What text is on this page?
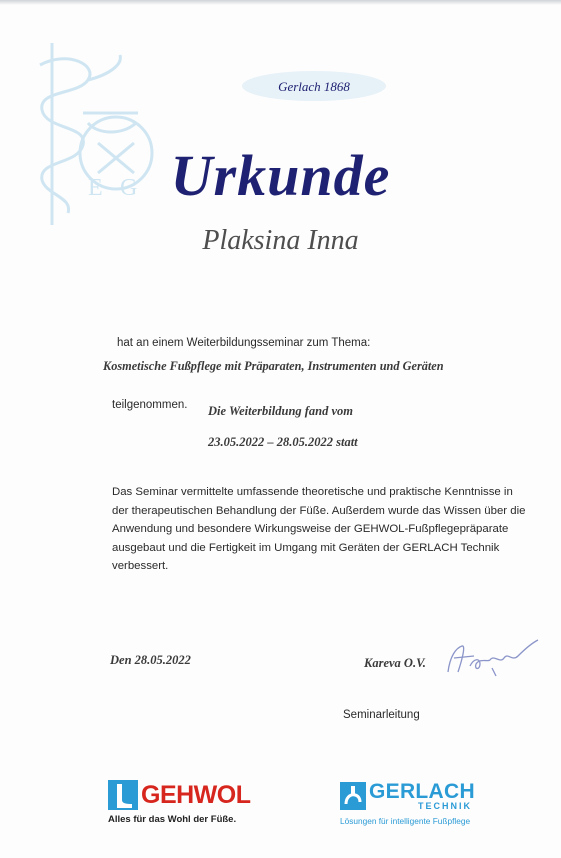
E G
Gerlach 1868
Urkunde
Plaksina Inna
hat an einem Weiterbildungsseminar zum Thema:
Kosmetische Fußpflege mit Präparaten, Instrumenten und Geräten
teilgenommen. Die Weiterbildung fand vom
23.05.2022 – 28.05.2022 statt
Das Seminar vermittelte umfassende theoretische und praktische Kenntnisse in der therapeutischen Behandlung der Füße. Außerdem wurde das Wissen über die Anwendung und besondere Wirkungsweise der GEHWOL-Fußpflegepräparate ausgebaut und die Fertigkeit im Umgang mit Geräten der GERLACH Technik verbessert.
Den 28.05.2022	Kareva O.V.
Seminarleitung
GEHWOL
Alles für das Wohl der Füße.
GERLACH
TECHNIK
Lösungen für intelligente Fußpflege
